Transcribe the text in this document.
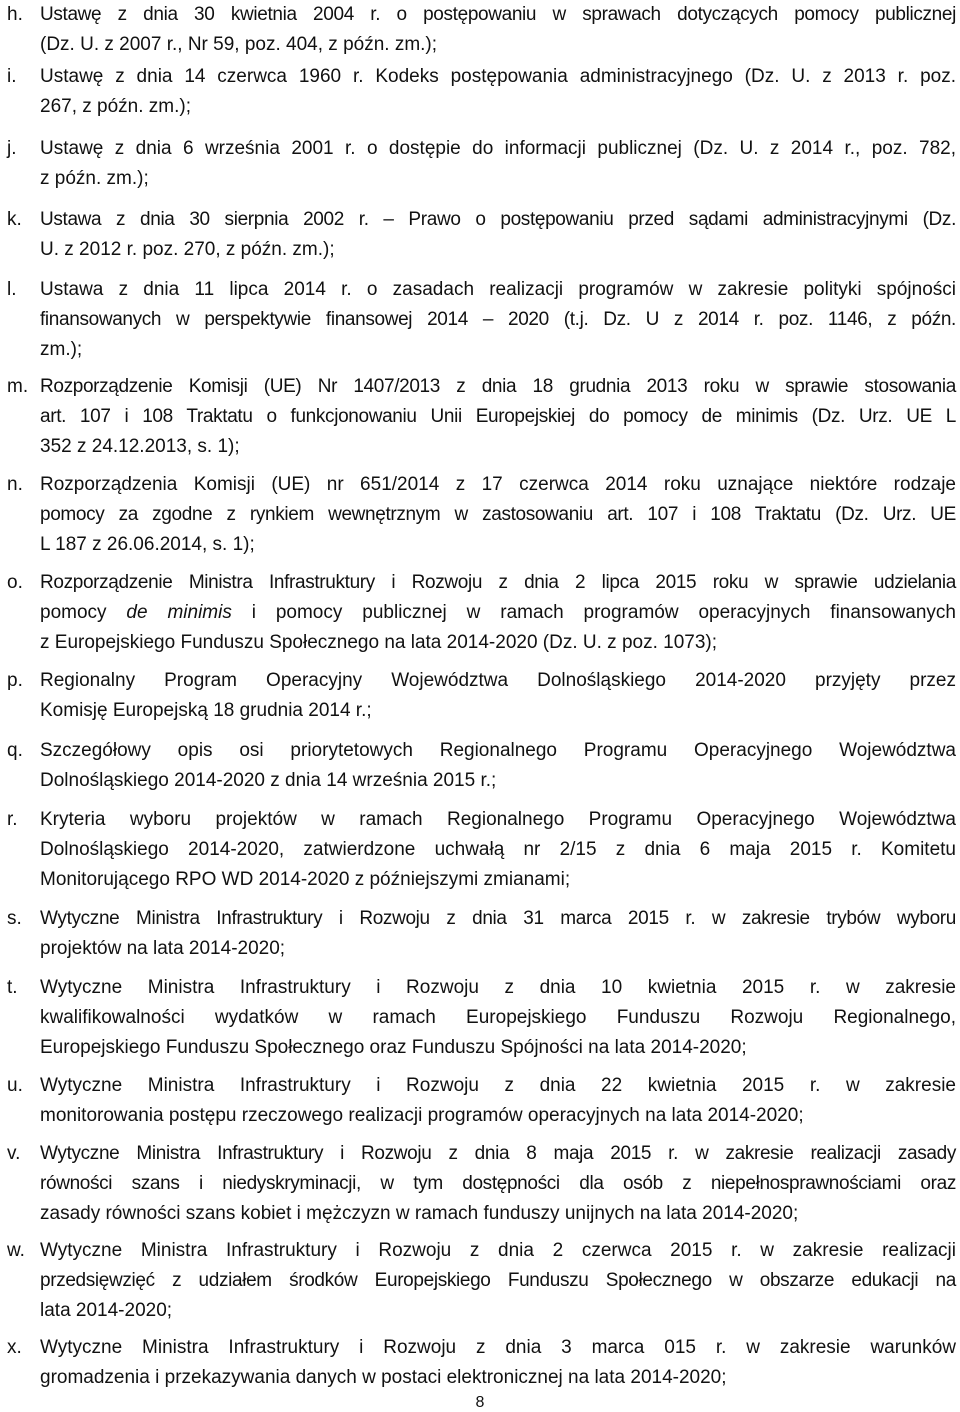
h. Ustawę z dnia 30 kwietnia 2004 r. o postępowaniu w sprawach dotyczących pomocy publicznej
(Dz. U. z 2007 r., Nr 59, poz. 404, z późn. zm.);
i. Ustawę z dnia 14 czerwca 1960 r. Kodeks postępowania administracyjnego (Dz. U. z 2013 r. poz.
267, z późn. zm.);
j. Ustawę z dnia 6 września 2001 r. o dostępie do informacji publicznej (Dz. U. z 2014 r., poz. 782,
z późn. zm.);
k. Ustawa z dnia 30 sierpnia 2002 r. – Prawo o postępowaniu przed sądami administracyjnymi (Dz.
U. z 2012 r. poz. 270, z późn. zm.);
l. Ustawa z dnia 11 lipca 2014 r. o zasadach realizacji programów w zakresie polityki spójności
finansowanych w perspektywie finansowej 2014 – 2020 (t.j. Dz. U z 2014 r. poz. 1146, z późn.
zm.);
m. Rozporządzenie Komisji (UE) Nr 1407/2013 z dnia 18 grudnia 2013 roku w sprawie stosowania
art. 107 i 108 Traktatu o funkcjonowaniu Unii Europejskiej do pomocy de minimis (Dz. Urz. UE L
352 z 24.12.2013, s. 1);
n. Rozporządzenia Komisji (UE) nr 651/2014 z 17 czerwca 2014 roku uznające niektóre rodzaje
pomocy za zgodne z rynkiem wewnętrznym w zastosowaniu art. 107 i 108 Traktatu (Dz. Urz. UE
L 187 z 26.06.2014, s. 1);
o. Rozporządzenie Ministra Infrastruktury i Rozwoju z dnia 2 lipca 2015 roku w sprawie udzielania
pomocy de minimis i pomocy publicznej w ramach programów operacyjnych finansowanych
z Europejskiego Funduszu Społecznego na lata 2014-2020 (Dz. U. z poz. 1073);
p. Regionalny Program Operacyjny Województwa Dolnośląskiego 2014-2020 przyjęty przez
Komisję Europejską 18 grudnia 2014 r.;
q. Szczegółowy opis osi priorytetowych Regionalnego Programu Operacyjnego Województwa
Dolnośląskiego 2014-2020 z dnia 14 września 2015 r.;
r. Kryteria wyboru projektów w ramach Regionalnego Programu Operacyjnego Województwa
Dolnośląskiego 2014-2020, zatwierdzone uchwałą nr 2/15 z dnia 6 maja 2015 r. Komitetu
Monitorującego RPO WD 2014-2020 z późniejszymi zmianami;
s. Wytyczne Ministra Infrastruktury i Rozwoju z dnia 31 marca 2015 r. w zakresie trybów wyboru
projektów na lata 2014-2020;
t. Wytyczne Ministra Infrastruktury i Rozwoju z dnia 10 kwietnia 2015 r. w zakresie
kwalifikowalności wydatków w ramach Europejskiego Funduszu Rozwoju Regionalnego,
Europejskiego Funduszu Społecznego oraz Funduszu Spójności na lata 2014-2020;
u. Wytyczne Ministra Infrastruktury i Rozwoju z dnia 22 kwietnia 2015 r. w zakresie
monitorowania postępu rzeczowego realizacji programów operacyjnych na lata 2014-2020;
v. Wytyczne Ministra Infrastruktury i Rozwoju z dnia 8 maja 2015 r. w zakresie realizacji zasady
równości szans i niedyskryminacji, w tym dostępności dla osób z niepełnosprawnościami oraz
zasady równości szans kobiet i mężczyzn w ramach funduszy unijnych na lata 2014-2020;
w. Wytyczne Ministra Infrastruktury i Rozwoju z dnia 2 czerwca 2015 r. w zakresie realizacji
przedsięwzięć z udziałem środków Europejskiego Funduszu Społecznego w obszarze edukacji na
lata 2014-2020;
x. Wytyczne Ministra Infrastruktury i Rozwoju z dnia 3 marca 015 r. w zakresie warunków
gromadzenia i przekazywania danych w postaci elektronicznej na lata 2014-2020;
8
